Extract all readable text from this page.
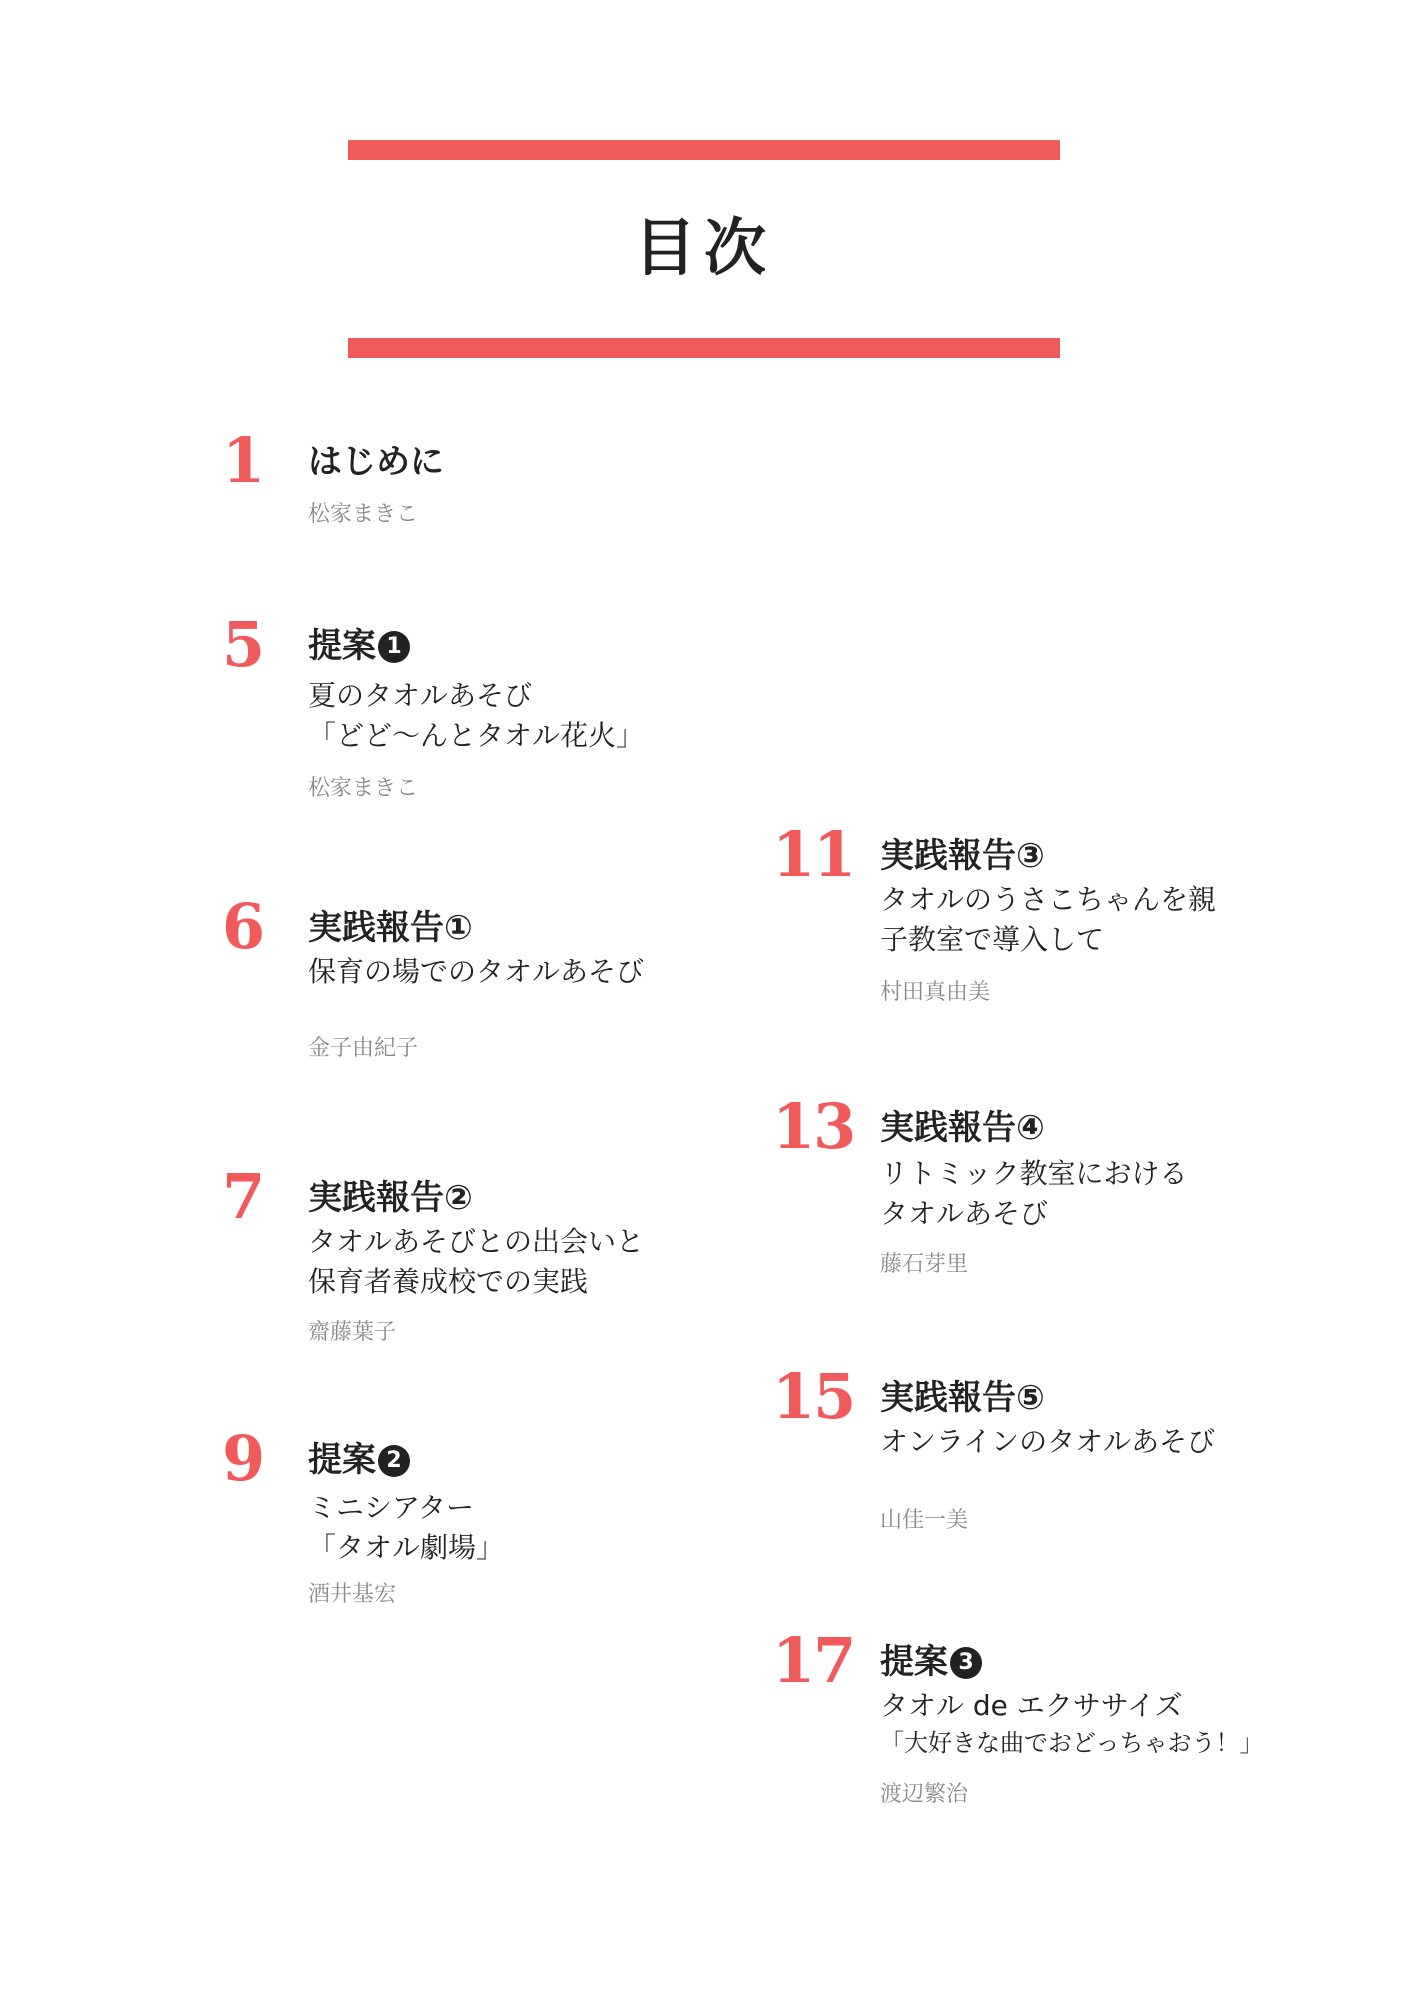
目次
1 はじめに
松家まきこ
5 提案 1
夏のタオルあそび
「どど～んとタオル花火」
松家まきこ
6 実践報告①
保育の場でのタオルあそび
金子由紀子
7 実践報告②
タオルあそびとの出会いと
保育者養成校での実践
齋藤葉子
9 提案 2
ミニシアター
「タオル劇場」
酒井基宏
11 実践報告③
タオルのうさこちゃんを親
子教室で導入して
村田真由美
13 実践報告④
リトミック教室における
タオルあそび
藤石芽里
15 実践報告⑤
オンラインのタオルあそび
山佳一美
17 提案 3
タオル de エクササイズ
「大好きな曲でおどっちゃおう！」
渡辺繁治
